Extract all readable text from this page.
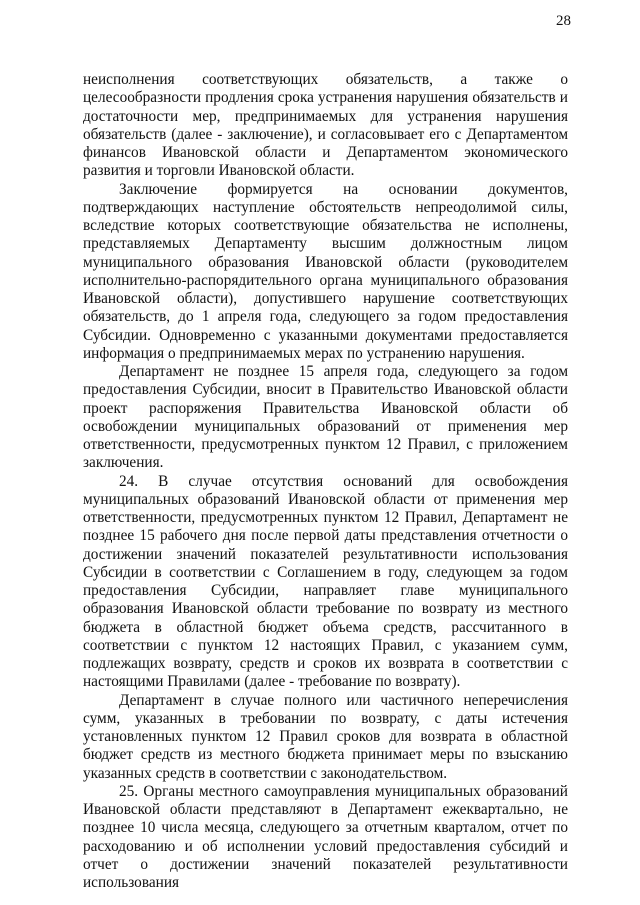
28

неисполнения соответствующих обязательств, а также о целесообразности продления срока устранения нарушения обязательств и достаточности мер, предпринимаемых для устранения нарушения обязательств (далее - заключение), и согласовывает его с Департаментом финансов Ивановской области и Департаментом экономического развития и торговли Ивановской области.

Заключение формируется на основании документов, подтверждающих наступление обстоятельств непреодолимой силы, вследствие которых соответствующие обязательства не исполнены, представляемых Департаменту высшим должностным лицом муниципального образования Ивановской области (руководителем исполнительно-распорядительного органа муниципального образования Ивановской области), допустившего нарушение соответствующих обязательств, до 1 апреля года, следующего за годом предоставления Субсидии. Одновременно с указанными документами предоставляется информация о предпринимаемых мерах по устранению нарушения.

Департамент не позднее 15 апреля года, следующего за годом предоставления Субсидии, вносит в Правительство Ивановской области проект распоряжения Правительства Ивановской области об освобождении муниципальных образований от применения мер ответственности, предусмотренных пунктом 12 Правил, с приложением заключения.

24. В случае отсутствия оснований для освобождения муниципальных образований Ивановской области от применения мер ответственности, предусмотренных пунктом 12 Правил, Департамент не позднее 15 рабочего дня после первой даты представления отчетности о достижении значений показателей результативности использования Субсидии в соответствии с Соглашением в году, следующем за годом предоставления Субсидии, направляет главе муниципального образования Ивановской области требование по возврату из местного бюджета в областной бюджет объема средств, рассчитанного в соответствии с пунктом 12 настоящих Правил, с указанием сумм, подлежащих возврату, средств и сроков их возврата в соответствии с настоящими Правилами (далее - требование по возврату).

Департамент в случае полного или частичного неперечисления сумм, указанных в требовании по возврату, с даты истечения установленных пунктом 12 Правил сроков для возврата в областной бюджет средств из местного бюджета принимает меры по взысканию указанных средств в соответствии с законодательством.

25. Органы местного самоуправления муниципальных образований Ивановской области представляют в Департамент ежеквартально, не позднее 10 числа месяца, следующего за отчетным кварталом, отчет по расходованию и об исполнении условий предоставления субсидий и отчет о достижении значений показателей результативности использования
